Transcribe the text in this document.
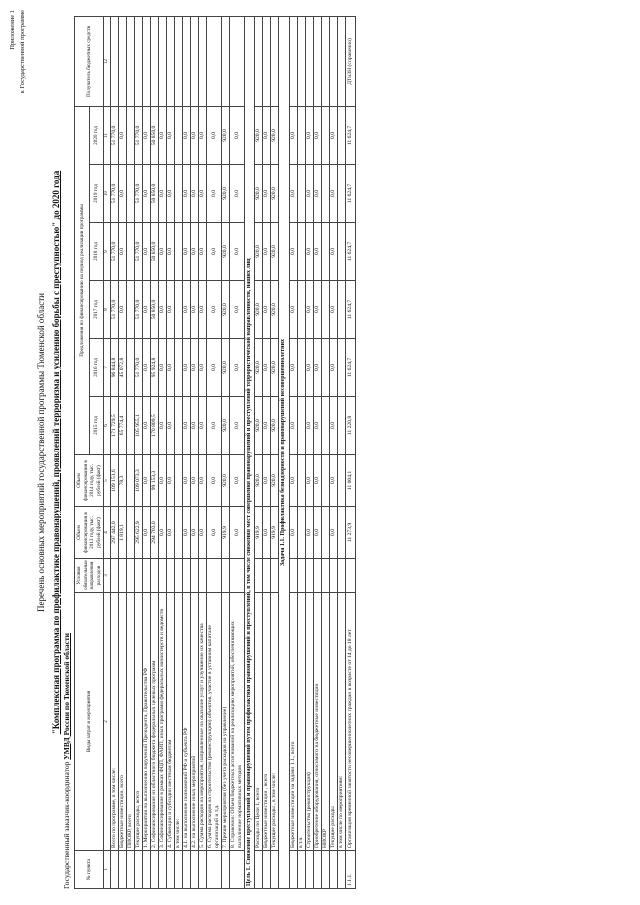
Приложение 1 к Государственной программе
Перечень основных мероприятий государственной программы Тюменской области "Комплексная программа по профилактике правонарушений, проявлений терроризма и усилению борьбы с преступностью" до 2020 года
Государственный заказчик-координатор УМВД России по Тюменской области
№ пункта	Виды затрат и мероприятия	Условия обязательные направления расходов	Объем финансирования в 2013 году, тыс. рублей (факт)	Объем финансирования в 2014 году, тыс. рублей (факт)	Предложения по финансированию на период реализации программы						Получатель бюджетных средств
					2015 год	2016 год	2017 год	2018 год	2019 год	2020 год	
1	2	3	4	5	6	7	8	9	10	11	12
	Всего по программе, в том числе:		297 442,0	109 151,6	171 729,5	96 844,8	51 770,0	51 770,0	51 770,0	51 770,0	
	Бюджетные инвестиции, всего		1 819,1	78,3	65 774,4	45 072,8	0,0	0,0	0,0	0,0	
	ПИОКР, всего										
	Текущие расходы, всего		295 622,9	109 073,3	105 955,1	51 770,0	51 770,0	51 770,0	51 770,0	51 770,0	
	1. Мероприятия по выполнению поручений Президента, Правительства РФ		0,0	0,0	0,0	0,0	0,0	0,0	0,0	0,0	
	2. Софинансирование из областного бюджета федеральных целевых программ		294 703,0	99 153,3	170 809,5	95 924,8	50 850,0	50 850,0	50 850,0	50 850,0	
	3. Софинансирование в рамках ФЦП, ФАИП, иных программ федеральных министерств и ведомств		0,0	0,0	0,0	0,0	0,0	0,0	0,0	0,0	
	4. Субвенции и субсидии местным бюджетам		0,0	0,0	0,0	0,0	0,0	0,0	0,0	0,0	
	в том числе:										
	4.1. на выполнение полномочий РФ и субъекта РФ		0,0	0,0	0,0	0,0	0,0	0,0	0,0	0,0	
	4.2. на выполнение иных мероприятий		0,0	0,0	0,0	0,0	0,0	0,0	0,0	0,0	
	5. Сумма расходов на мероприятия, направленные на оказание услуг и улучшение их качества		0,0	0,0	0,0	0,0	0,0	0,0	0,0	0,0	
	6. Сумма расходов на строительство (реконструкцию) объектов, участие в уставном капитале организаций и т.д.		0,0	0,0	0,0	0,0	0,0	0,0	0,0	0,0	
	7. Прочие мероприятия (без учета расходов на управление)		919,9	920,0	920,0	920,0	920,0	920,0	920,0	920,0	
	8. Справочно: Объем бюджетных ассигнований на реализацию мероприятий, обеспечивающих выполнение нормативных методов		0,0	0,0	0,0	0,0	0,0	0,0	0,0	0,0	
Цель 1. Снижение преступлений и правонарушений путем профилактики правонарушений и преступлений, в том числе снижения мест совершения правонарушений и преступлений террористической направленности, наших лиц											
	Расходы по Цели 1, всего		919,9	920,0	920,0	920,0	920,0	920,0	920,0	920,0	
	Бюджетные инвестиции , всего		0,0	0,0	0,0	0,0	0,0	0,0	0,0	0,0	
	Текущие расходы , в том числе:		919,9	920,0	920,0	920,0	920,0	920,0	920,0	920,0	
Задача 1.1. Профилактика безнадзорности и правонарушений несовершеннолетних											
	Бюджетные инвестиции на задачи 1.1., всего		0,0	0,0	0,0	0,0	0,0	0,0	0,0	0,0	
	в т.ч.										
	Строительство (реконструкция)		0,0	0,0	0,0	0,0	0,0	0,0	0,0	0,0	
	Приобретение оборудования, относимого на бюджетные инвестиции		0,0	0,0	0,0	0,0	0,0	0,0	0,0	0,0	
	НИОКР										
	Текущие расходы		0,0	0,0	0,0	0,0	0,0	0,0	0,0	0,0	
	в том числе по мероприятиям:										
1.1.1.	Организация временной занятости несовершеннолетних граждан в возрасте от 14 до 18 лет		11 273,9	11 004,1	11 220,8	11 624,7	11 624,7	11 624,7	11 624,7	11 624,7	ДТиЗН (справочно)
